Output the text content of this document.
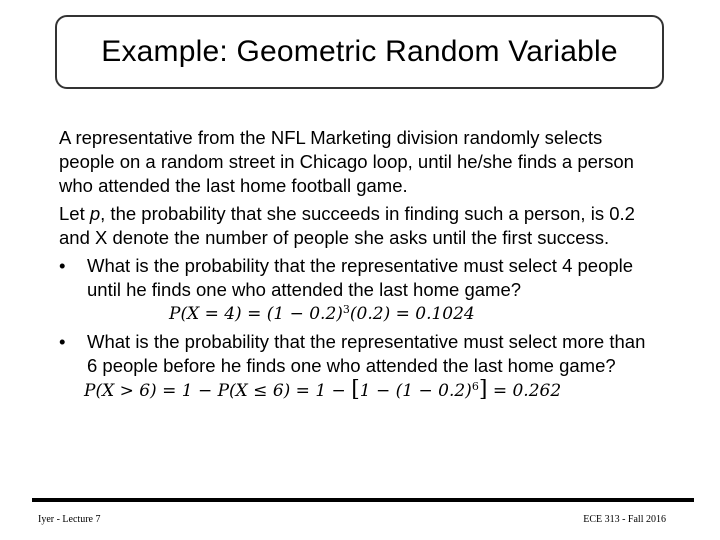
Example: Geometric Random Variable

A representative from the NFL Marketing division randomly selects people on a random street in Chicago loop, until he/she finds a person who attended the last home football game.

Let p, the probability that she succeeds in finding such a person, is 0.2 and X denote the number of people she asks until the first success.

• What is the probability that the representative must select 4 people until he finds one who attended the last home game?
$P(X = 4) = (1 - 0.2)^3(0.2) = 0.1024$
• What is the probability that the representative must select more than 6 people before he finds one who attended the last home game?
$P(X > 6) = 1 - P(X \le 6) = 1 - [1 - (1 - 0.2)^6] = 0.262$
Iyer - Lecture 7	ECE 313 - Fall 2016
